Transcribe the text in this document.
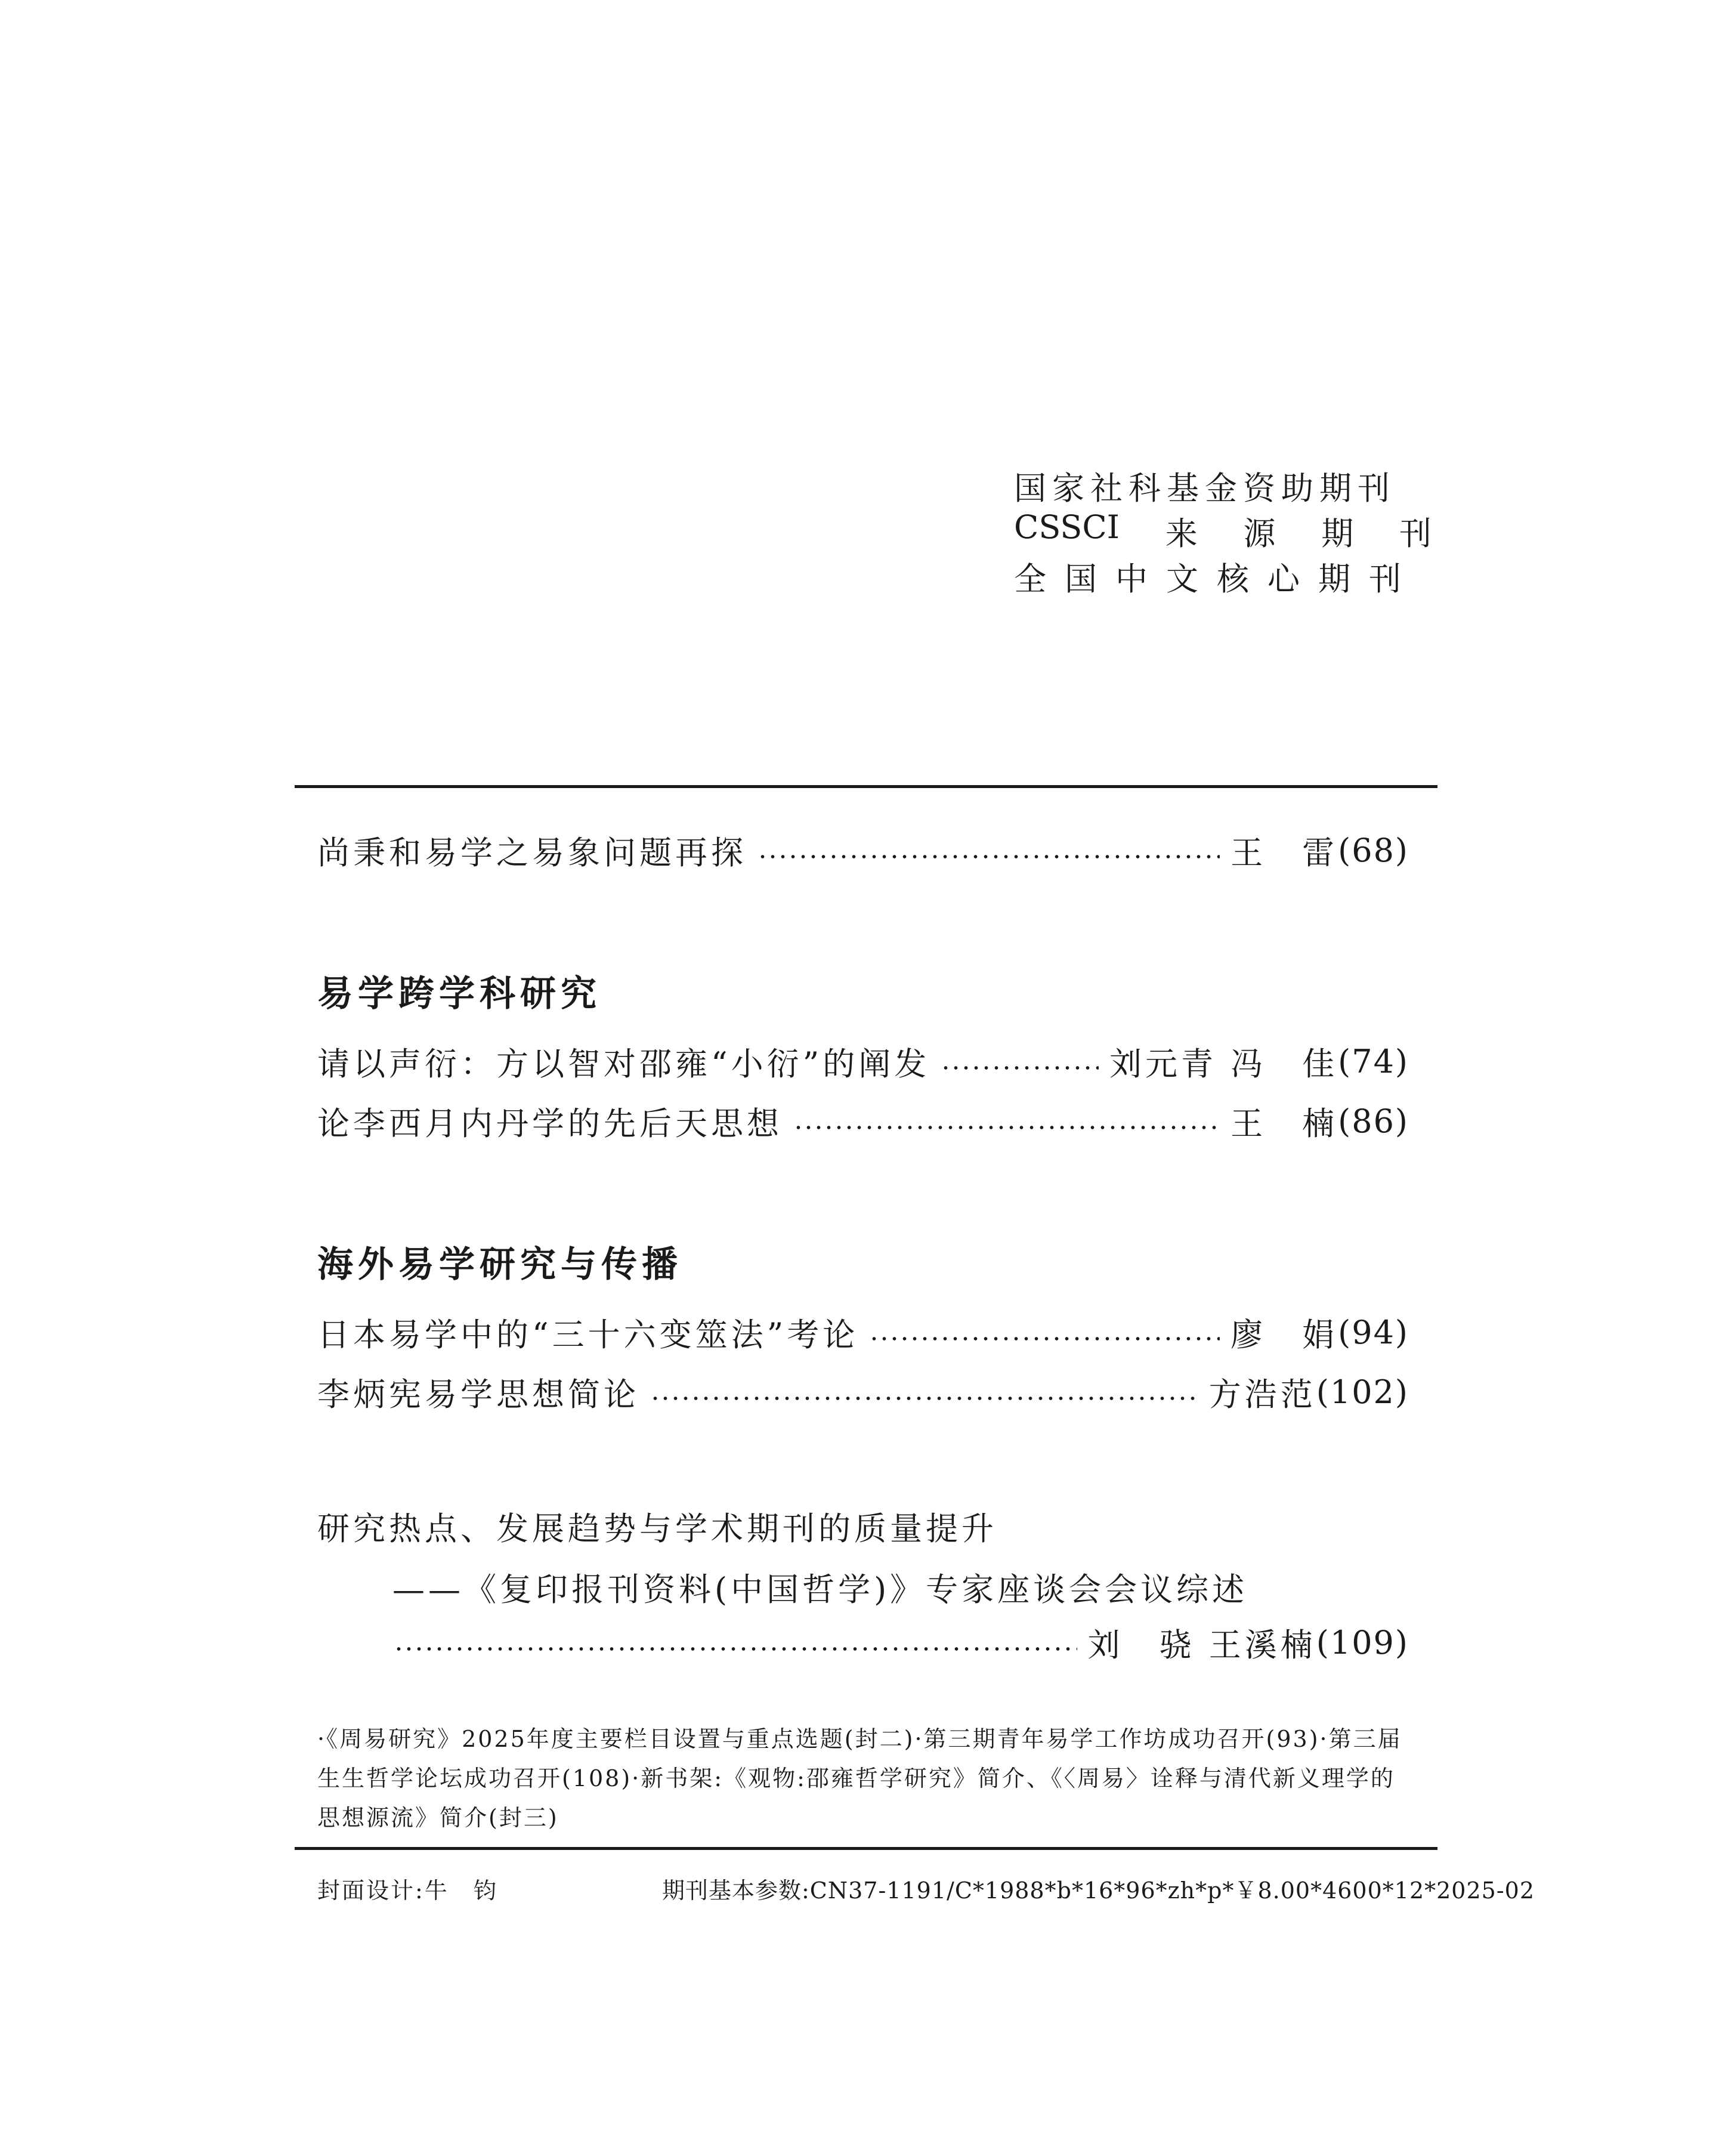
国家社科基金资助期刊
CSSCI 来 源 期 刊
全国中文核心期刊
尚秉和易学之易象问题再探	王　雷 (68)
易学跨学科研究
请以声衍：方以智对邵雍“小衍”的阐发	刘元青 冯　佳 (74)
论李西月内丹学的先后天思想	王　楠 (86)
海外易学研究与传播
日本易学中的“三十六变筮法”考论	廖　娟 (94)
李炳宪易学思想简论	方浩范 (102)
研究热点、发展趋势与学术期刊的质量提升
——《复印报刊资料(中国哲学)》专家座谈会会议综述
刘　骁 王溪楠 (109)
·《周易研究》2025年度主要栏目设置与重点选题(封二)·第三期青年易学工作坊成功召开(93)·第三届生生哲学论坛成功召开(108)·新书架:《观物:邵雍哲学研究》简介、《〈周易〉诠释与清代新义理学的思想源流》简介(封三)
封面设计:牛　钧	期刊基本参数:CN37-1191/C*1988*b*16*96*zh*p*￥8.00*4600*12*2025-02
